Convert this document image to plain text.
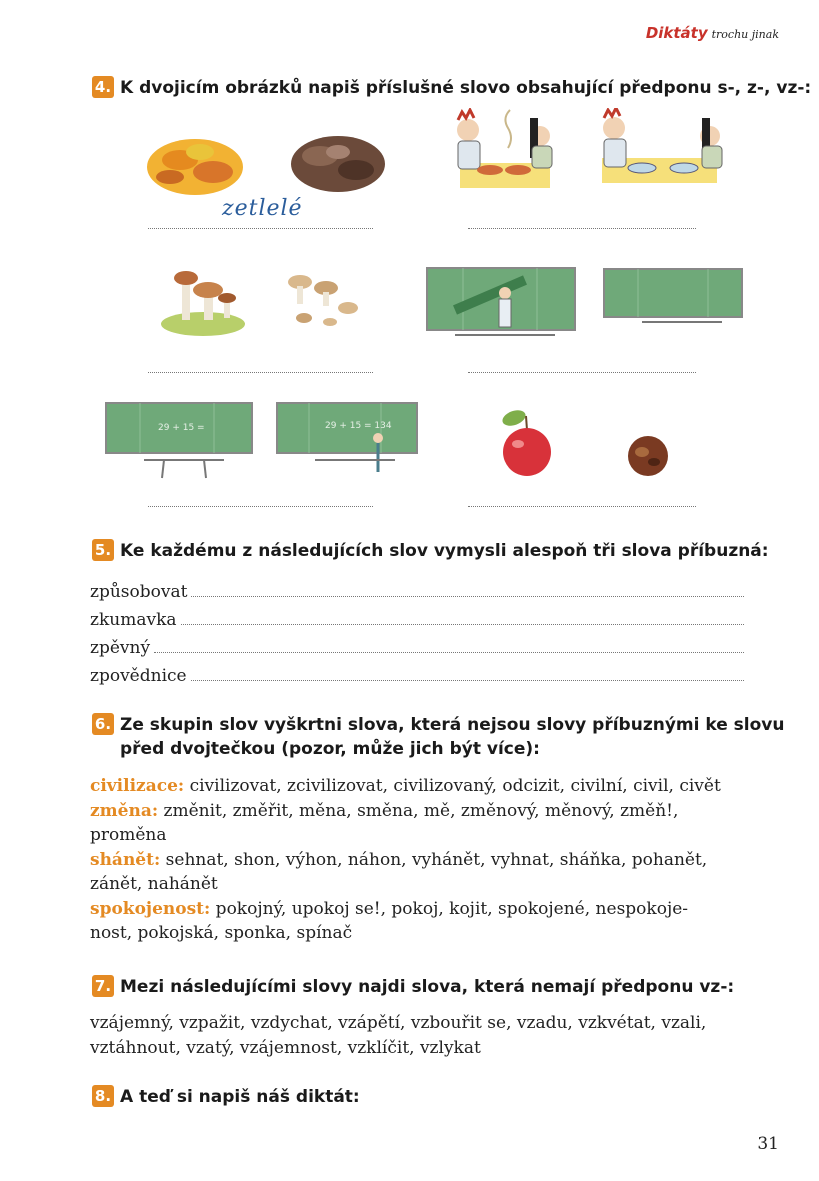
Diktáty trochu jinak
4. K dvojicím obrázků napiš příslušné slovo obsahující předponu s-, z-, vz-:
zetlelé
29 + 15 =	29 + 15 = 134
5. Ke každému z následujících slov vymysli alespoň tři slova příbuzná:
způsobovat
zkumavka
zpěvný
zpovědnice
6. Ze skupin slov vyškrtni slova, která nejsou slovy příbuznými ke slovu
před dvojtečkou (pozor, může jich být více):
civilizace: civilizovat, zcivilizovat, civilizovaný, odcizit, civilní, civil, civět
změna: změnit, změřit, měna, směna, mě, změnový, měnový, změň!,
proměna
shánět: sehnat, shon, výhon, náhon, vyhánět, vyhnat, sháňka, pohanět,
zánět, nahánět
spokojenost: pokojný, upokoj se!, pokoj, kojit, spokojené, nespokoje-
nost, pokojská, sponka, spínač
7. Mezi následujícími slovy najdi slova, která nemají předponu vz-:
vzájemný, vzpažit, vzdychat, vzápětí, vzbouřit se, vzadu, vzkvétat, vzali,
vztáhnout, vzatý, vzájemnost, vzklíčit, vzlykat
8. A teď si napiš náš diktát:
31
